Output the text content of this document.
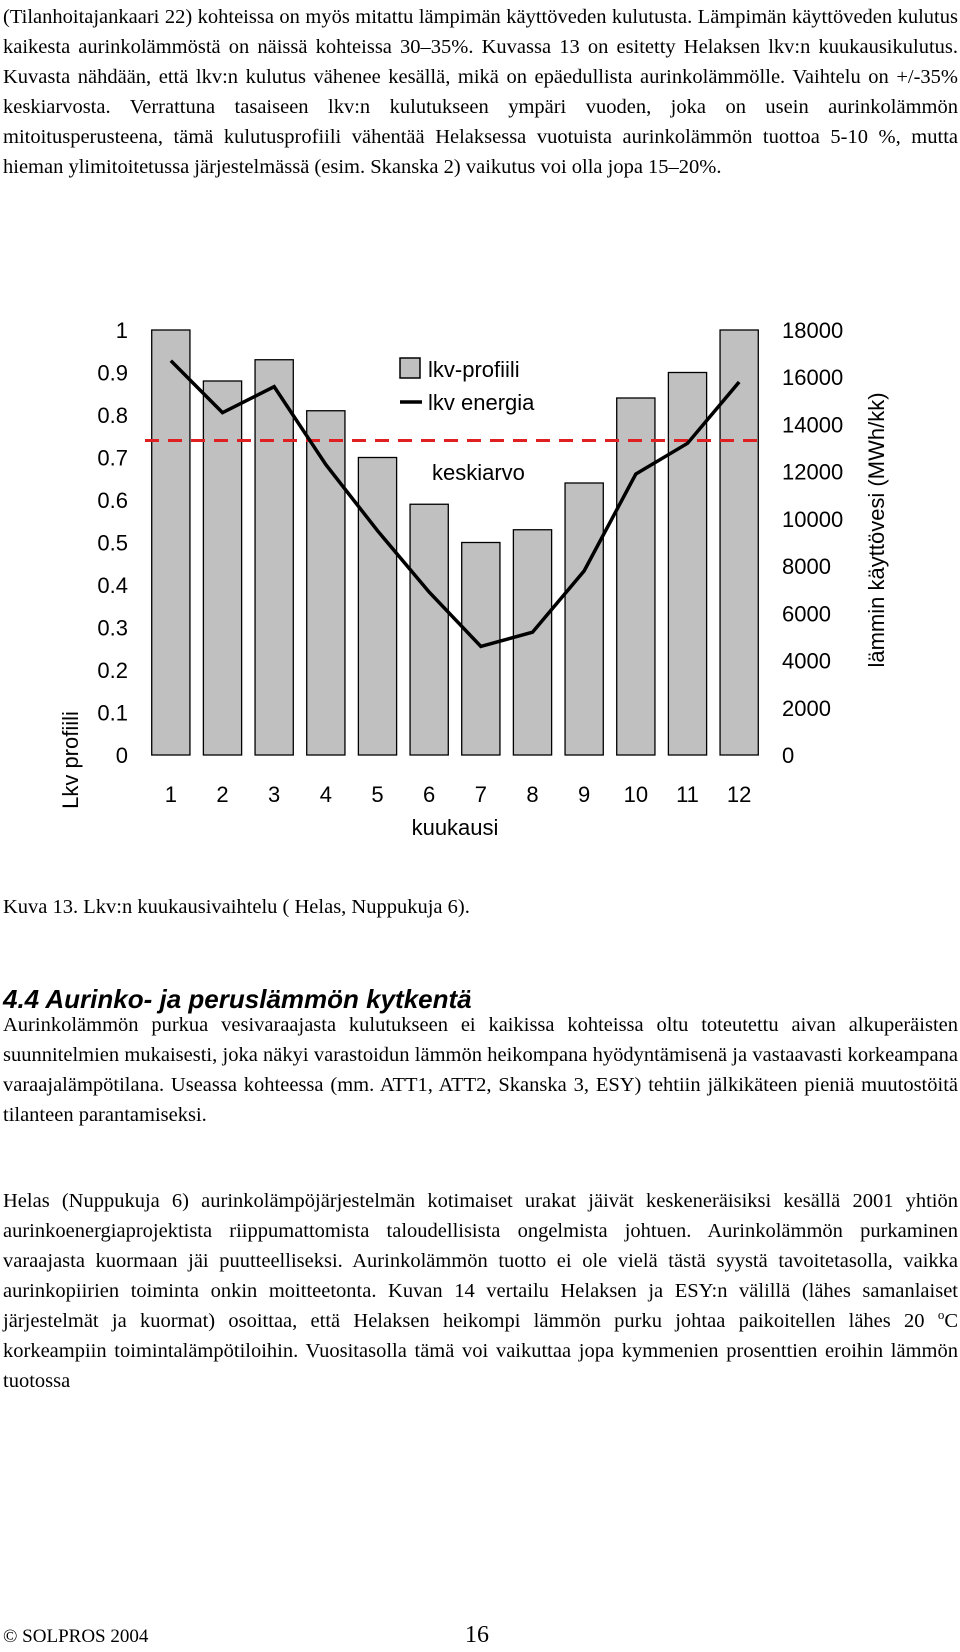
(Tilanhoitajankaari 22) kohteissa on myös mitattu lämpimän käyttöveden kulutusta. Lämpimän käyttöveden kulutus kaikesta aurinkolämmöstä on näissä kohteissa 30–35%. Kuvassa 13 on esitetty Helaksen lkv:n kuukausikulutus. Kuvasta nähdään, että lkv:n kulutus vähenee kesällä, mikä on epäedullista aurinkolämmölle. Vaihtelu on +/-35% keskiarvosta. Verrattuna tasaiseen lkv:n kulutukseen ympäri vuoden, joka on usein aurinkolämmön mitoitusperusteena, tämä kulutusprofiili vähentää Helaksessa vuotuista aurinkolämmön tuottoa 5-10 %, mutta hieman ylimitoitetussa järjestelmässä (esim. Skanska 2) vaikutus voi olla jopa 15–20%.

0
0.1
0.2
0.3
0.4
0.5
0.6
0.7
0.8
0.9
1
0
2000
4000
6000
8000
10000
12000
14000
16000
18000
1 2 3 4 5 6 7 8 9 10 11 12
Lkv profiili
lämmin käyttövesi (MWh/kk)
kuukausi
lkv-profiili
lkv energia
keskiarvo
Kuva 13. Lkv:n kuukausivaihtelu ( Helas, Nuppukuja 6).
4.4 Aurinko- ja peruslämmön kytkentä

Aurinkolämmön purkua vesivaraajasta kulutukseen ei kaikissa kohteissa oltu toteutettu aivan alkuperäisten suunnitelmien mukaisesti, joka näkyi varastoidun lämmön heikompana hyödyntämisenä ja vastaavasti korkeampana varaajalämpötilana. Useassa kohteessa (mm. ATT1, ATT2, Skanska 3, ESY) tehtiin jälkikäteen pieniä muutostöitä tilanteen parantamiseksi.

Helas (Nuppukuja 6) aurinkolämpöjärjestelmän kotimaiset urakat jäivät keskeneräisiksi kesällä 2001 yhtiön aurinkoenergiaprojektista riippumattomista taloudellisista ongelmista johtuen. Aurinkolämmön purkaminen varaajasta kuormaan jäi puutteelliseksi. Aurinkolämmön tuotto ei ole vielä tästä syystä tavoitetasolla, vaikka aurinkopiirien toiminta onkin moitteetonta. Kuvan 14 vertailu Helaksen ja ESY:n välillä (lähes samanlaiset järjestelmät ja kuormat) osoittaa, että Helaksen heikompi lämmön purku johtaa paikoitellen lähes 20 $^o$C korkeampiin toimintalämpötiloihin. Vuositasolla tämä voi vaikuttaa jopa kymmenien prosenttien eroihin lämmön tuotossa

© SOLPROS 2004	16
